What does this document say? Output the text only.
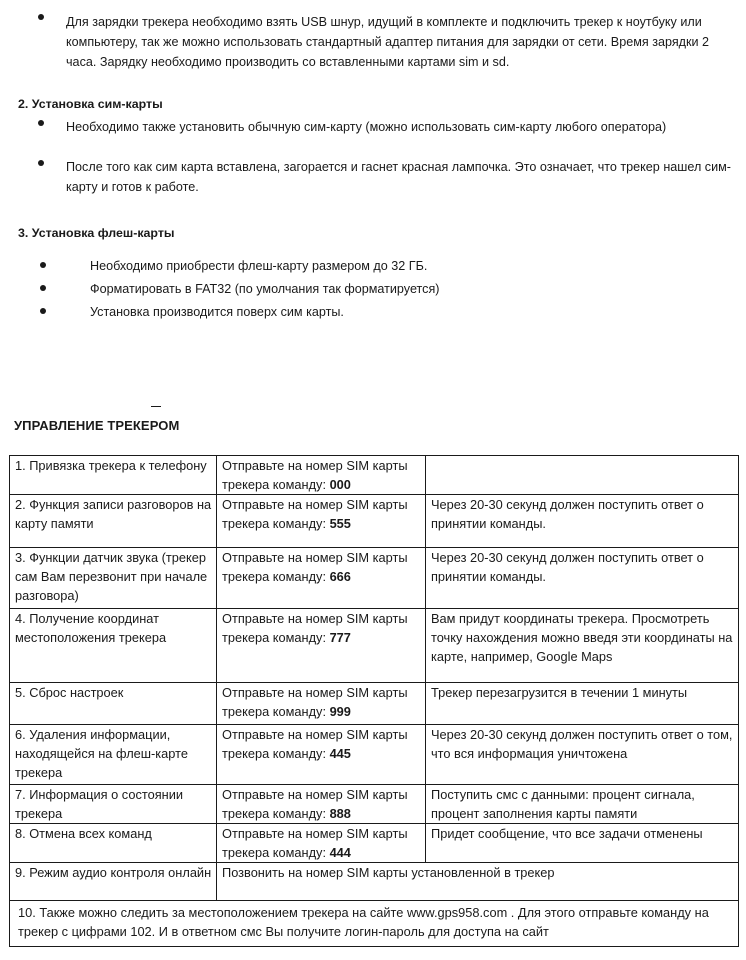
Для зарядки трекера необходимо взять USB шнур, идущий в комплекте и подключить трекер к ноутбуку или компьютеру, так же можно использовать стандартный адаптер питания для зарядки от сети. Время зарядки 2 часа. Зарядку необходимо производить со вставленными картами sim и sd.
2. Установка сим-карты
Необходимо также установить обычную сим-карту (можно использовать сим-карту любого оператора)
После того как сим карта вставлена, загорается и гаснет красная лампочка. Это означает, что трекер нашел сим-карту и готов к работе.
3. Установка флеш-карты
Необходимо приобрести флеш-карту размером до 32 ГБ.
Форматировать в FAT32 (по умолчания так форматируется)
Установка производится поверх сим карты.
УПРАВЛЕНИЕ ТРЕКЕРОМ
1. Привязка трекера к телефону	Отправьте на номер SIM карты трекера команду: 000	
2. Функция записи разговоров на карту памяти	Отправьте на номер SIM карты трекера команду: 555	Через 20-30 секунд должен поступить ответ о принятии команды.
3. Функции датчик звука (трекер сам Вам перезвонит при начале разговора)	Отправьте на номер SIM карты трекера команду: 666	Через 20-30 секунд должен поступить ответ о принятии команды.
4. Получение координат местоположения трекера	Отправьте на номер SIM карты трекера команду: 777	Вам придут координаты трекера. Просмотреть точку нахождения можно введя эти координаты на карте, например, Google Maps
5. Сброс настроек	Отправьте на номер SIM карты трекера команду: 999	Трекер перезагрузится в течении 1 минуты
6. Удаления информации, находящейся на флеш-карте трекера	Отправьте на номер SIM карты трекера команду: 445	Через 20-30 секунд должен поступить ответ о том, что вся информация уничтожена
7. Информация о состоянии трекера	Отправьте на номер SIM карты трекера команду: 888	Поступить смс с данными: процент сигнала, процент заполнения карты памяти
8. Отмена всех команд	Отправьте на номер SIM карты трекера команду: 444	Придет сообщение, что все задачи отменены
9. Режим аудио контроля онлайн	Позвонить на номер SIM карты установленной в трекер	
10. Также можно следить за местоположением трекера на сайте www.gps958.com . Для этого отправьте команду на трекер с цифрами 102. И в ответном смс Вы получите логин-пароль для доступа на сайт		
